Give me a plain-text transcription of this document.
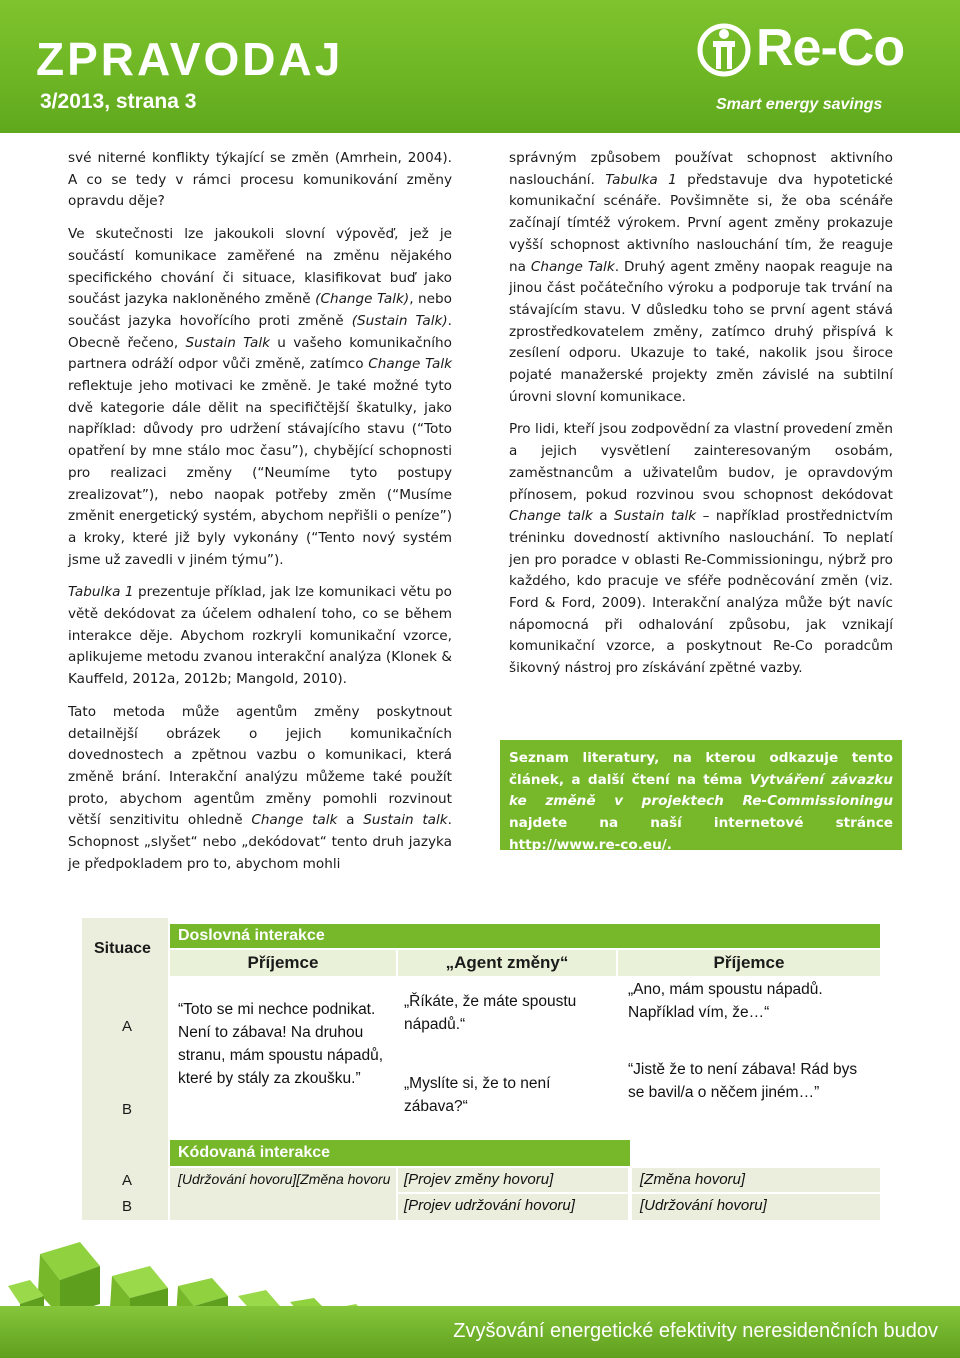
ZPRAVODAJ
3/2013, strana 3
Re-Co
Smart energy savings

své niterné konflikty týkající se změn (Amrhein, 2004). A co se tedy v rámci procesu komunikování změny opravdu děje?

Ve skutečnosti lze jakoukoli slovní výpověď, jež je součástí komunikace zaměřené na změnu nějakého specifického chování či situace, klasifikovat buď jako součást jazyka nakloněného změně (Change Talk), nebo součást jazyka hovořícího proti změně (Sustain Talk). Obecně řečeno, Sustain Talk u vašeho komunikačního partnera odráží odpor vůči změně, zatímco Change Talk reflektuje jeho motivaci ke změně. Je také možné tyto dvě kategorie dále dělit na specifičtější škatulky, jako například: důvody pro udržení stávajícího stavu (“Toto opatření by mne stálo moc času”), chybějící schopnosti pro realizaci změny (“Neumíme tyto postupy zrealizovat”), nebo naopak potřeby změn (“Musíme změnit energetický systém, abychom nepřišli o peníze”) a kroky, které již byly vykonány (“Tento nový systém jsme už zavedli v jiném týmu”).

Tabulka 1 prezentuje příklad, jak lze komunikaci větu po větě dekódovat za účelem odhalení toho, co se během interakce děje. Abychom rozkryli komunikační vzorce, aplikujeme metodu zvanou interakční analýza (Klonek & Kauffeld, 2012a, 2012b; Mangold, 2010).

Tato metoda může agentům změny poskytnout detailnější obrázek o jejich komunikačních dovednostech a zpětnou vazbu o komunikaci, která změně brání. Interakční analýzu můžeme také použít proto, abychom agentům změny pomohli rozvinout větší senzitivitu ohledně Change talk a Sustain talk. Schopnost „slyšet“ nebo „dekódovat“ tento druh jazyka je předpokladem pro to, abychom mohli

správným způsobem používat schopnost aktivního naslouchání. Tabulka 1 představuje dva hypotetické komunikační scénáře. Povšimněte si, že oba scénáře začínají tímtéž výrokem. První agent změny prokazuje vyšší schopnost aktivního naslouchání tím, že reaguje na Change Talk. Druhý agent změny naopak reaguje na jinou část počátečního výroku a podporuje tak trvání na stávajícím stavu. V důsledku toho se první agent stává zprostředkovatelem změny, zatímco druhý přispívá k zesílení odporu. Ukazuje to také, nakolik jsou široce pojaté manažerské projekty změn závislé na subtilní úrovni slovní komunikace.

Pro lidi, kteří jsou zodpovědní za vlastní provedení změn a jejich vysvětlení zainteresovaným osobám, zaměstnancům a uživatelům budov, je opravdovým přínosem, pokud rozvinou svou schopnost dekódovat Change talk a Sustain talk – například prostřednictvím tréninku dovedností aktivního naslouchání. To neplatí jen pro poradce v oblasti Re-Commissioningu, nýbrž pro každého, kdo pracuje ve sféře podněcování změn (viz. Ford & Ford, 2009). Interakční analýza může být navíc nápomocná při odhalování způsobu, jak vznikají komunikační vzorce, a poskytnout Re-Co poradcům šikovný nástroj pro získávání zpětné vazby.

Seznam literatury, na kterou odkazuje tento článek, a další čtení na téma Vytváření závazku ke změně v projektech Re-Commissioningu najdete na naší internetové stránce http://www.re-co.eu/.
Situace
Doslovná interakce
Příjemce	„Agent změny“	Příjemce
A
B
“Toto se mi nechce podnikat. Není to zábava! Na druhou stranu, mám spoustu nápadů, které by stály za zkoušku.”
„Říkáte, že máte spoustu nápadů.“
„Myslíte si, že to není zábava?“
„Ano, mám spoustu nápadů. Například vím, že…“
“Jistě že to není zábava! Rád bys se bavil/a o něčem jiném…”
Kódovaná interakce
A
B
[Udržování hovoru][Změna hovoru [Projev změny hovoru]
[Projev udržování hovoru]
[Změna hovoru]
[Udržování hovoru]
Zvyšování energetické efektivity neresidenčních budov
